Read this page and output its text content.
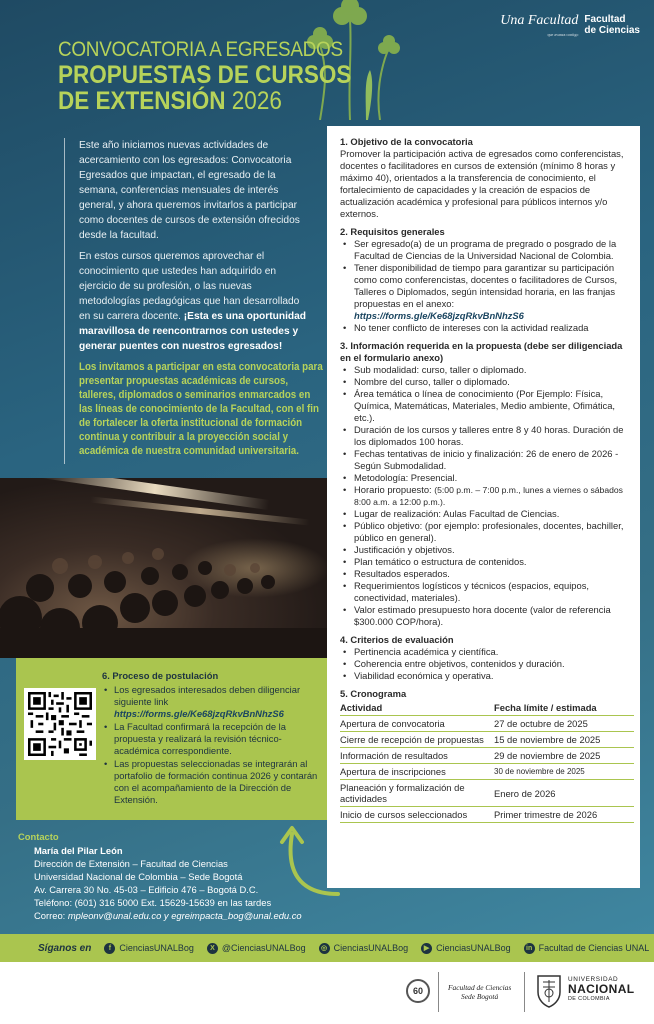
Una Facultad
que avanza contigo
Facultad
de Ciencias
CONVOCATORIA A EGRESADOS
PROPUESTAS DE CURSOS
DE EXTENSIÓN 2026

Este año iniciamos nuevas actividades de acercamiento con los egresados: Convocatoria Egresados que impactan, el egresado de la semana, conferencias mensuales de interés general, y ahora queremos invitarlos a participar como docentes de cursos de extensión ofrecidos desde la facultad.

En estos cursos queremos aprovechar el conocimiento que ustedes han adquirido en ejercicio de su profesión, o las nuevas metodologías pedagógicas que han desarrollado en su carrera docente. ¡Esta es una oportunidad maravillosa de reencontrarnos con ustedes y generar puentes con nuestros egresados!

Los invitamos a participar en esta convocatoria para presentar propuestas académicas de cursos, talleres, diplomados o seminarios enmarcados en las líneas de conocimiento de la Facultad, con el fin de fortalecer la oferta institucional de formación continua y contribuir a la proyección social y académica de nuestra comunidad universitaria.

6. Proceso de postulación
• Los egresados interesados deben diligenciar siguiente link
https://forms.gle/Ke68jzqRkvBnNhzS6
• La Facultad confirmará la recepción de la propuesta y realizará la revisión técnico-académica correspondiente.
• Las propuestas seleccionadas se integrarán al portafolio de formación continua 2026 y contarán con el acompañamiento de la Dirección de Extensión.
Contacto
María del Pilar León
Dirección de Extensión – Facultad de Ciencias
Universidad Nacional de Colombia – Sede Bogotá
Av. Carrera 30 No. 45-03 – Edificio 476 – Bogotá D.C.
Teléfono: (601) 316 5000 Ext. 15629-15639 en las tardes
Correo: mpleonv@unal.edu.co y egreimpacta_bog@unal.edu.co
1. Objetivo de la convocatoria
Promover la participación activa de egresados como conferencistas, docentes o facilitadores en cursos de extensión (mínimo 8 horas y máximo 40), orientados a la transferencia de conocimiento, el fortalecimiento de capacidades y la creación de espacios de actualización académica y profesional para públicos internos y/o externos.
2. Requisitos generales
• Ser egresado(a) de un programa de pregrado o posgrado de la Facultad de Ciencias de la Universidad Nacional de Colombia.
• Tener disponibilidad de tiempo para garantizar su participación como como conferencistas, docentes o facilitadores de Cursos, Talleres o Diplomados, según intensidad horaria, en las franjas propuestas en el anexo:
https://forms.gle/Ke68jzqRkvBnNhzS6
• No tener conflicto de intereses con la actividad realizada
3. Información requerida en la propuesta (debe ser diligenciada en el formulario anexo)
• Sub modalidad: curso, taller o diplomado.
• Nombre del curso, taller o diplomado.
• Área temática o línea de conocimiento (Por Ejemplo: Física, Química, Matemáticas, Materiales, Medio ambiente, Ofimática, etc.).
• Duración de los cursos y talleres entre 8 y 40 horas. Duración de los diplomados 100 horas.
• Fechas tentativas de inicio y finalización: 26 de enero de 2026 - Según Submodalidad.
• Metodología: Presencial.
• Horario propuesto: (5:00 p.m. – 7:00 p.m., lunes a viernes o sábados 8:00 a.m. a 12:00 p.m.).
• Lugar de realización: Aulas Facultad de Ciencias.
• Público objetivo: (por ejemplo: profesionales, docentes, bachiller, público en general).
• Justificación y objetivos.
• Plan temático o estructura de contenidos.
• Resultados esperados.
• Requerimientos logísticos y técnicos (espacios, equipos, conectividad, materiales).
• Valor estimado presupuesto hora docente (valor de referencia $300.000 COP/hora).
4. Criterios de evaluación
• Pertinencia académica y científica.
• Coherencia entre objetivos, contenidos y duración.
• Viabilidad económica y operativa.
5. Cronograma
Actividad	Fecha límite / estimada
Apertura de convocatoria	27 de octubre de 2025
Cierre de recepción de propuestas	15 de noviembre de 2025
Información de resultados	29 de noviembre de 2025
Apertura de inscripciones	30 de noviembre de 2025
Planeación y formalización de actividades	Enero de 2026
Inicio de cursos seleccionados	Primer trimestre de 2026
Síganos en	f CienciasUNALBog	X @CienciasUNALBog	◎ CienciasUNALBog	▶ CienciasUNALBog	in Facultad de Ciencias UNAL
60	Facultad de Ciencias
Sede Bogotá
UNIVERSIDAD
NACIONAL
DE COLOMBIA
